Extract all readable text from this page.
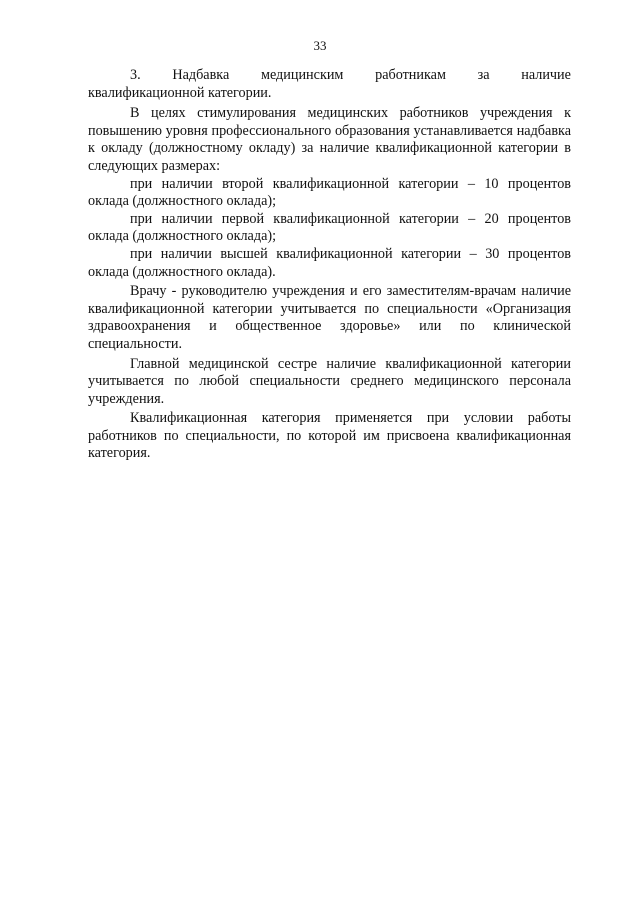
33
3. Надбавка медицинским работникам за наличие

квалификационной категории.

В целях стимулирования медицинских работников учреждения к повышению уровня профессионального образования устанавливается надбавка к окладу (должностному окладу) за наличие квалификационной категории в следующих размерах:

при наличии второй квалификационной категории – 10 процентов оклада (должностного оклада);

при наличии первой квалификационной категории – 20 процентов оклада (должностного оклада);

при наличии высшей квалификационной категории – 30 процентов оклада (должностного оклада).

Врачу - руководителю учреждения и его заместителям-врачам наличие квалификационной категории учитывается по специальности «Организация здравоохранения и общественное здоровье» или по клинической специальности.

Главной медицинской сестре наличие квалификационной категории учитывается по любой специальности среднего медицинского персонала учреждения.

Квалификационная категория применяется при условии работы работников по специальности, по которой им присвоена квалификационная категория.
